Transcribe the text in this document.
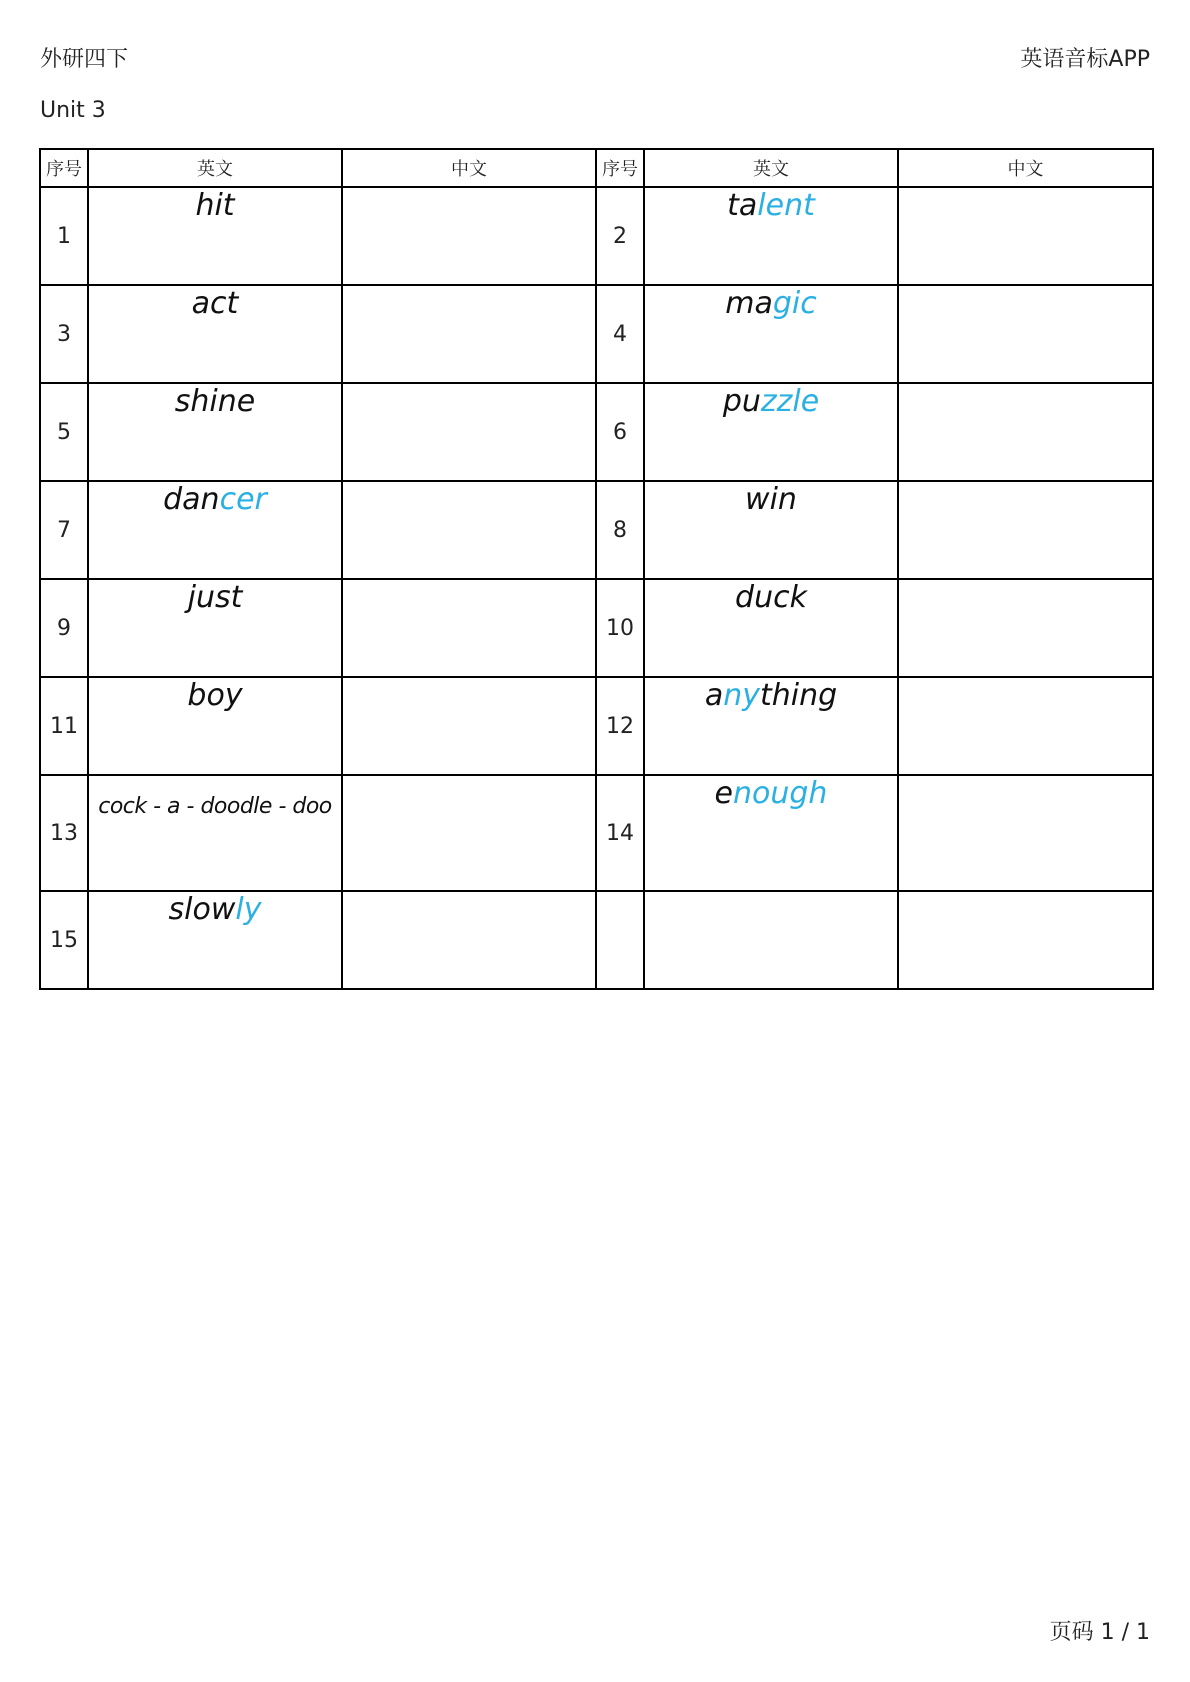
外研四下	英语音标APP
Unit 3
序号	英文	中文	序号	英文	中文
1	hit		2	talent	
3	act		4	magic	
5	shine		6	puzzle	
7	dancer		8	win	
9	just		10	duck	
11	boy		12	anything	
13	cock - a - doodle - doo		14	enough	
15	slowly				
页码 1 / 1
